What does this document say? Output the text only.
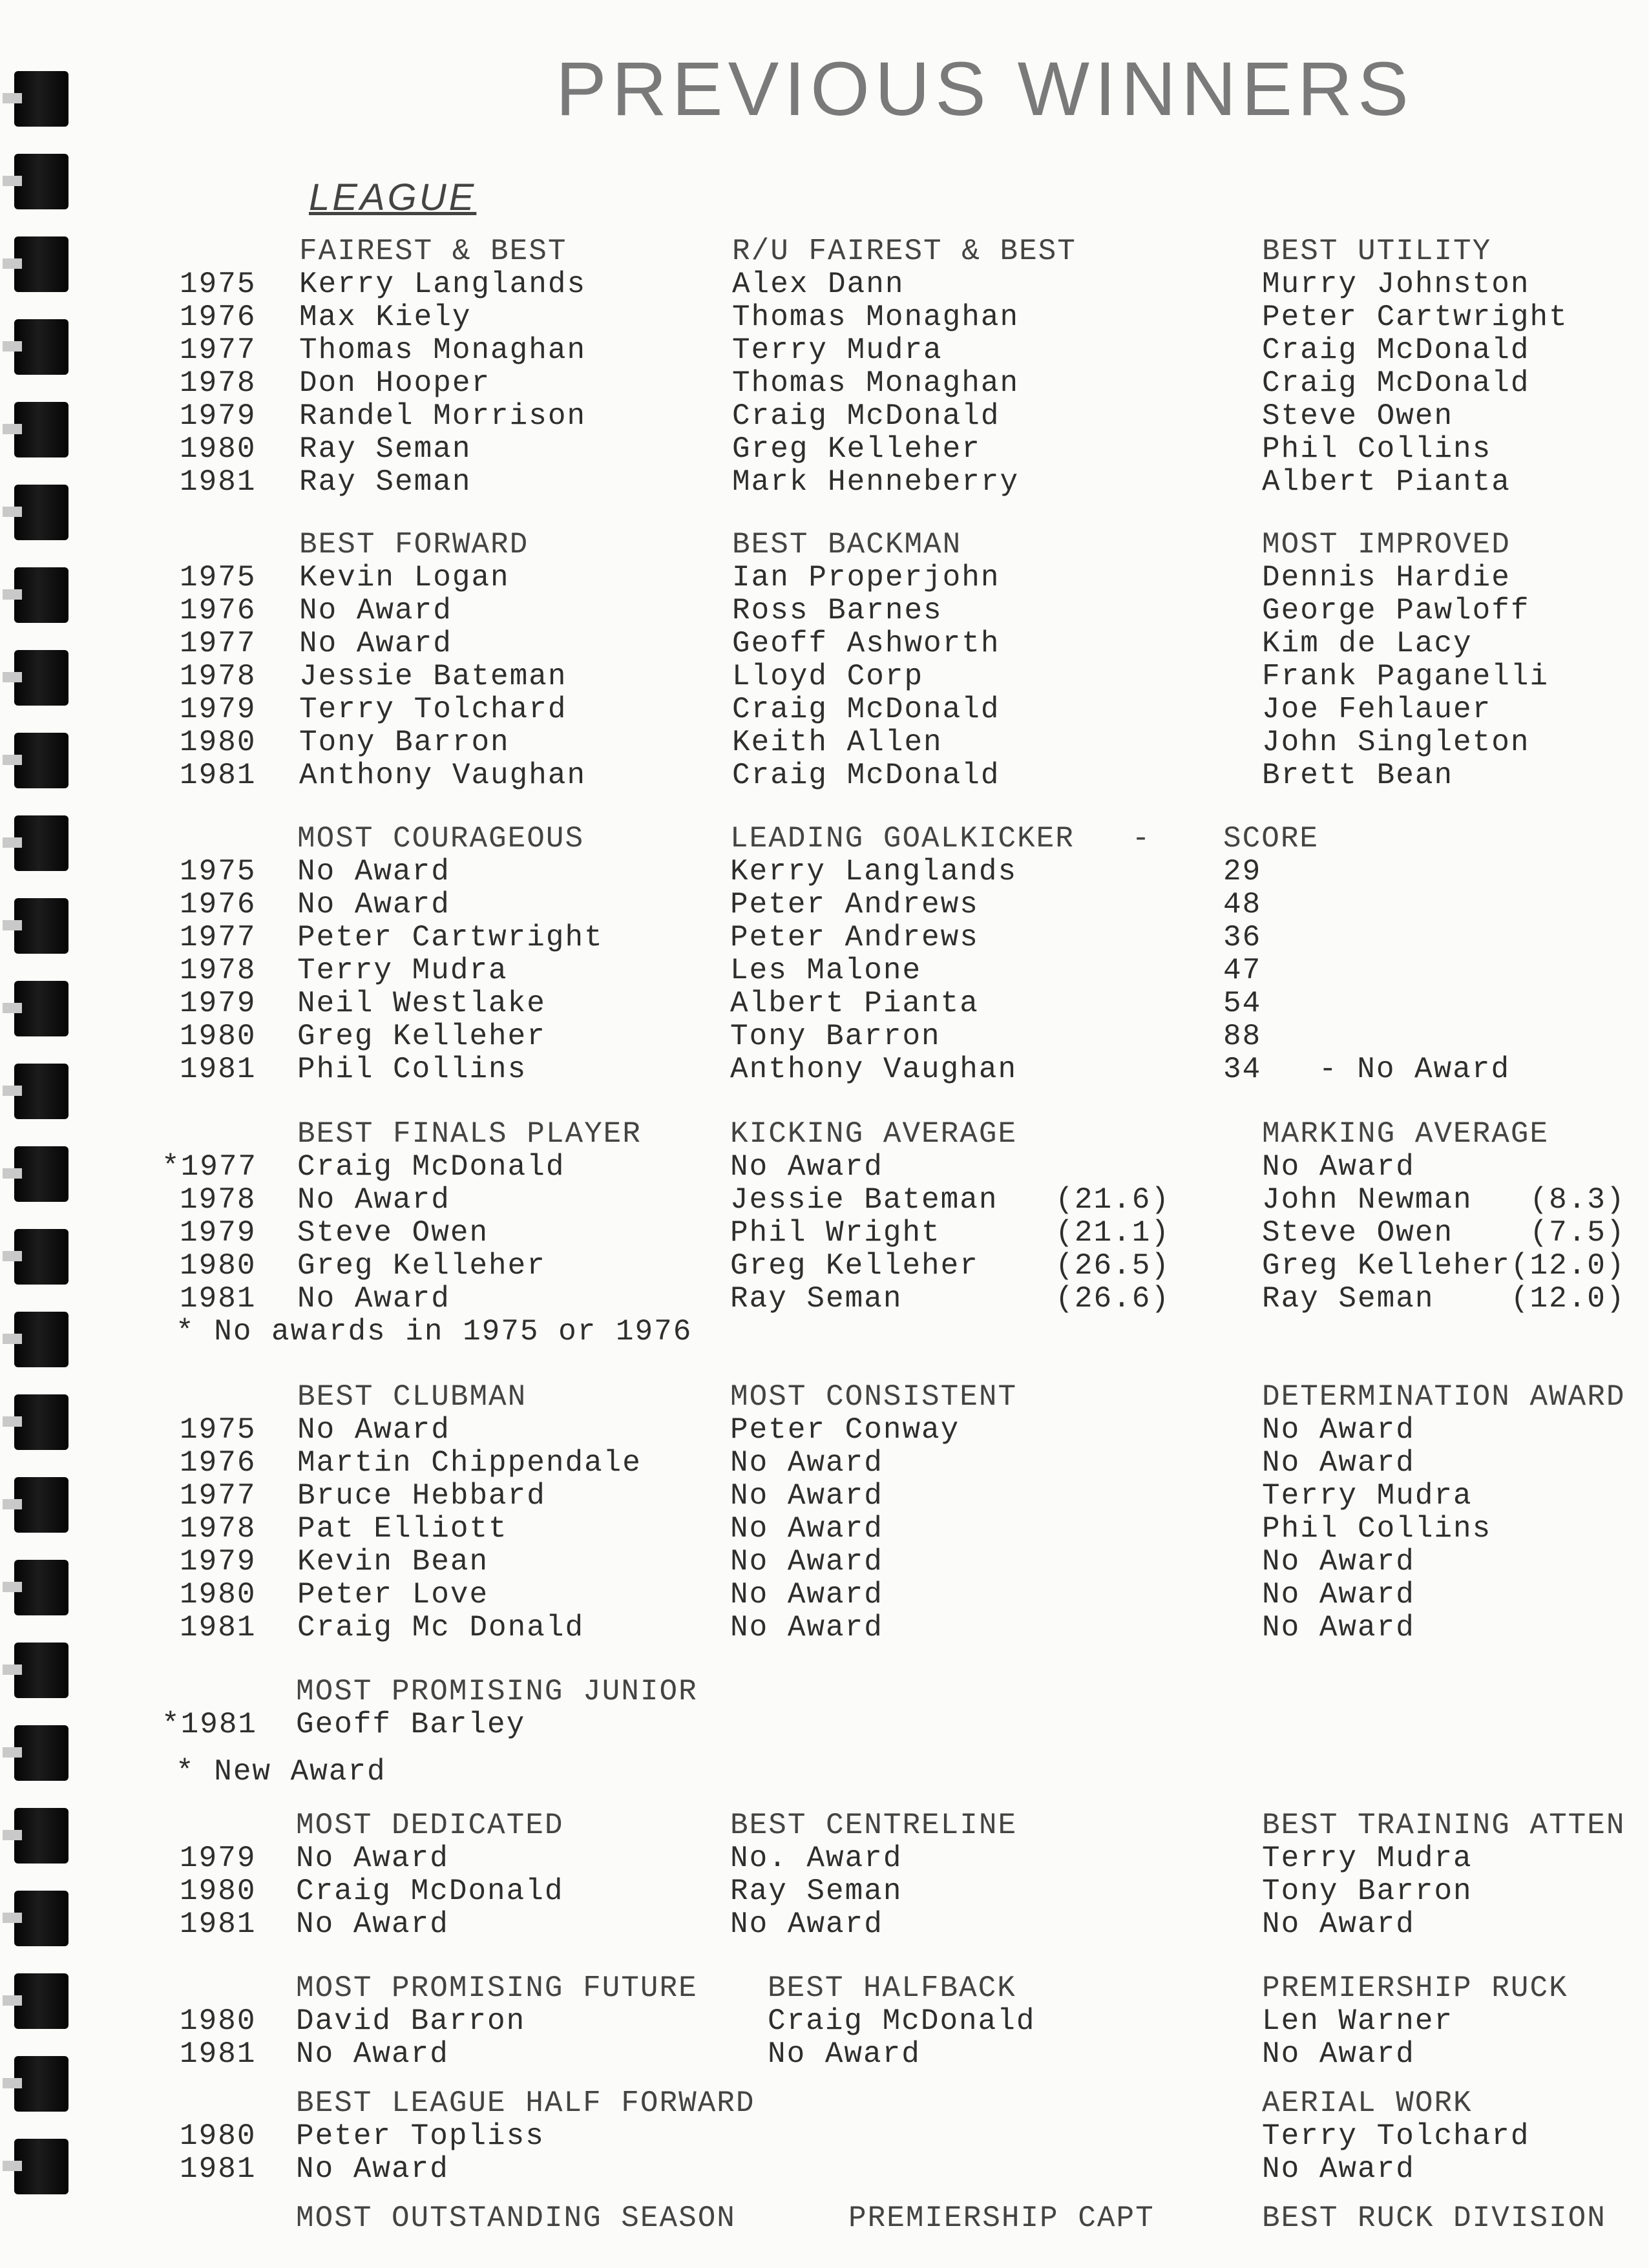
PREVIOUS WINNERS
LEAGUE
FAIREST & BEST
Kerry Langlands
Max Kiely
Thomas Monaghan
Don Hooper
Randel Morrison
Ray Seman
Ray Seman
R/U FAIREST & BEST
Alex Dann
Thomas Monaghan
Terry Mudra
Thomas Monaghan
Craig McDonald
Greg Kelleher
Mark Henneberry
BEST UTILITY
Murry Johnston
Peter Cartwright
Craig McDonald
Craig McDonald
Steve Owen
Phil Collins
Albert Pianta
1975
1976
1977
1978
1979
1980
1981
BEST FORWARD
Kevin Logan
No Award
No Award
Jessie Bateman
Terry Tolchard
Tony Barron
Anthony Vaughan
BEST BACKMAN
Ian Properjohn
Ross Barnes
Geoff Ashworth
Lloyd Corp
Craig McDonald
Keith Allen
Craig McDonald
MOST IMPROVED
Dennis Hardie
George Pawloff
Kim de Lacy
Frank Paganelli
Joe Fehlauer
John Singleton
Brett Bean
1975
1976
1977
1978
1979
1980
1981
MOST COURAGEOUS
No Award
No Award
Peter Cartwright
Terry Mudra
Neil Westlake
Greg Kelleher
Phil Collins
LEADING GOALKICKER   -
Kerry Langlands
Peter Andrews
Peter Andrews
Les Malone
Albert Pianta
Tony Barron
Anthony Vaughan
SCORE
29
48
36
47
54
88
34   - No Award
1975
1976
1977
1978
1979
1980
1981
BEST FINALS PLAYER
Craig McDonald
No Award
Steve Owen
Greg Kelleher
No Award
KICKING AVERAGE
No Award
Jessie Bateman   (21.6)
Phil Wright      (21.1)
Greg Kelleher    (26.5)
Ray Seman        (26.6)
MARKING AVERAGE
No Award
John Newman   (8.3)
Steve Owen    (7.5)
Greg Kelleher(12.0)
Ray Seman    (12.0)
*1977
1978
1979
1980
1981
* No awards in 1975 or 1976
BEST CLUBMAN
No Award
Martin Chippendale
Bruce Hebbard
Pat Elliott
Kevin Bean
Peter Love
Craig Mc Donald
MOST CONSISTENT
Peter Conway
No Award
No Award
No Award
No Award
No Award
No Award
DETERMINATION AWARD
No Award
No Award
Terry Mudra
Phil Collins
No Award
No Award
No Award
1975
1976
1977
1978
1979
1980
1981
MOST PROMISING JUNIOR
Geoff Barley
*1981
* New Award
MOST DEDICATED
No Award
Craig McDonald
No Award
BEST CENTRELINE
No. Award
Ray Seman
No Award
BEST TRAINING ATTEN
Terry Mudra
Tony Barron
No Award
1979
1980
1981
MOST PROMISING FUTURE
David Barron
No Award
BEST HALFBACK
Craig McDonald
No Award
PREMIERSHIP RUCK
Len Warner
No Award
1980
1981
BEST LEAGUE HALF FORWARD
Peter Topliss
No Award
AERIAL WORK
Terry Tolchard
No Award
1980
1981
MOST OUTSTANDING SEASON	PREMIERSHIP CAPT	BEST RUCK DIVISION
